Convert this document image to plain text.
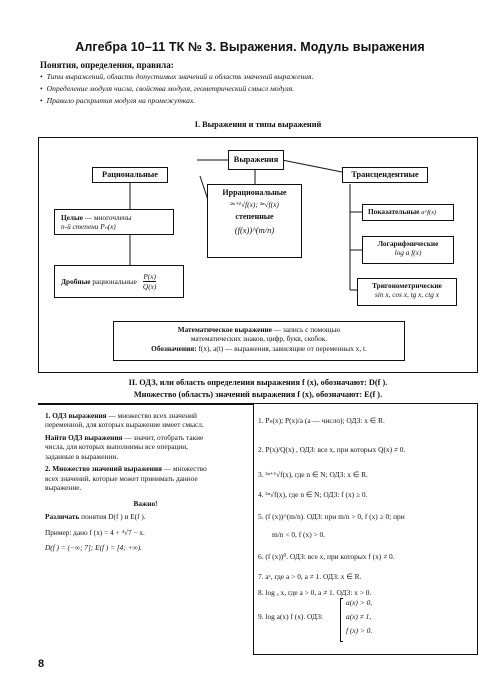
Алгебра 10–11 ТК № 3. Выражения. Модуль выражения
Понятия, определения, правила:
• Типы выражений, область допустимых значений и область значений выражения.
• Определение модуля числа, свойства модуля, геометрический смысл модуля.
• Правило раскрытия модуля на промежутках.
I. Выражения и типы выражений
Выражения
Рациональные	Трансцендентные
Иррациональные
²ⁿ⁺¹√f(x); ²ⁿ√f(x)
степенные
(f(x))^(m/n)
Целые — многочлены
n-й степени Pₙ(x)
Дробные рациональные $\frac{P(x)}{Q(x)}$
Показательные a^f(x)
Логарифмические
log a f(x)
Тригонометрические
sin x, cos x, tg x, ctg x
Математическое выражение — запись с помощью
математических знаков, цифр, букв, скобок.
Обозначения: f(x), a(t) — выражения, зависящие от переменных x, t.
II. ОДЗ, или область определения выражения f (x), обозначают: D(f ).
Множество (область) значений выражения f (x), обозначают: E(f ).
1. ОДЗ выражения — множество всех значений
переменной, для которых выражение имеет смысл.
Найти ОДЗ выражения — значит, отобрать такие
числа, для которых выполнимы все операции,
заданные в выражении.
2. Множество значений выражения — множество
всех значений, которые может принимать данное
выражение.
Важно!
Различать понятия D(f ) и E(f ).
Пример: дано f (x) = 4 + ⁴√7 − x.
D(f ) = (−∞; 7]; E(f ) = [4; +∞).
1. Pₙ(x); P(x)/a (a — число); ОДЗ: x ∈ R.
2. P(x)/Q(x) , ОДЗ: все x, при которых Q(x) ≠ 0.
3. ²ⁿ⁺¹√f(x), где n ∈ N; ОДЗ: x ∈ R.
4. ²ⁿ√f(x), где n ∈ N; ОДЗ: f (x) ≥ 0.
5. (f (x))^(m/n). ОДЗ: при m/n > 0, f (x) ≥ 0; при
m/n < 0, f (x) > 0.
6. (f (x))⁰. ОДЗ: все x, при которых f (x) ≠ 0.
7. aˣ, где a > 0, a ≠ 1. ОДЗ: x ∈ R.
8. log ₐ x, где a > 0, a ≠ 1. ОДЗ: x > 0.
9. log a(x) f (x). ОДЗ:
a(x) > 0,
a(x) ≠ 1,
f (x) > 0.
8
